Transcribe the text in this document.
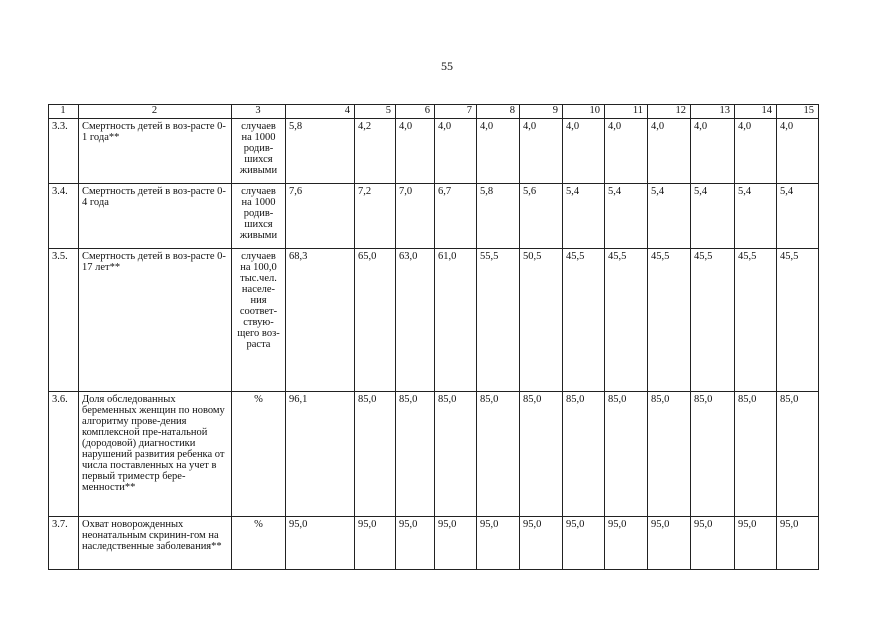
55
1	2	3	4	5	6	7	8	9	10	11	12	13	14	15
3.3.	Смертность детей в воз-растe 0-1 года**	случаев на 1000 родив-шихся живыми	5,8	4,2	4,0	4,0	4,0	4,0	4,0	4,0	4,0	4,0	4,0	4,0
3.4.	Смертность детей в воз-расте 0-4 года	случаев на 1000 родив-шихся живыми	7,6	7,2	7,0	6,7	5,8	5,6	5,4	5,4	5,4	5,4	5,4	5,4
3.5.	Смертность детей в воз-расте 0-17 лет**	случаев на 100,0 тыс.чел. населе-ния соответ-ствую-щего воз-раста	68,3	65,0	63,0	61,0	55,5	50,5	45,5	45,5	45,5	45,5	45,5	45,5
3.6.	Доля обследованных беременных женщин по новому алгоритму прове-дения комплексной пре-натальной (дородовой) диагностики нарушений развития ребенка от числа поставленных на учет в первый триместр бере-менности**	%	96,1	85,0	85,0	85,0	85,0	85,0	85,0	85,0	85,0	85,0	85,0	85,0
3.7.	Охват новорожденных неонатальным скринин-гом на наследственные заболевания**	%	95,0	95,0	95,0	95,0	95,0	95,0	95,0	95,0	95,0	95,0	95,0	95,0
